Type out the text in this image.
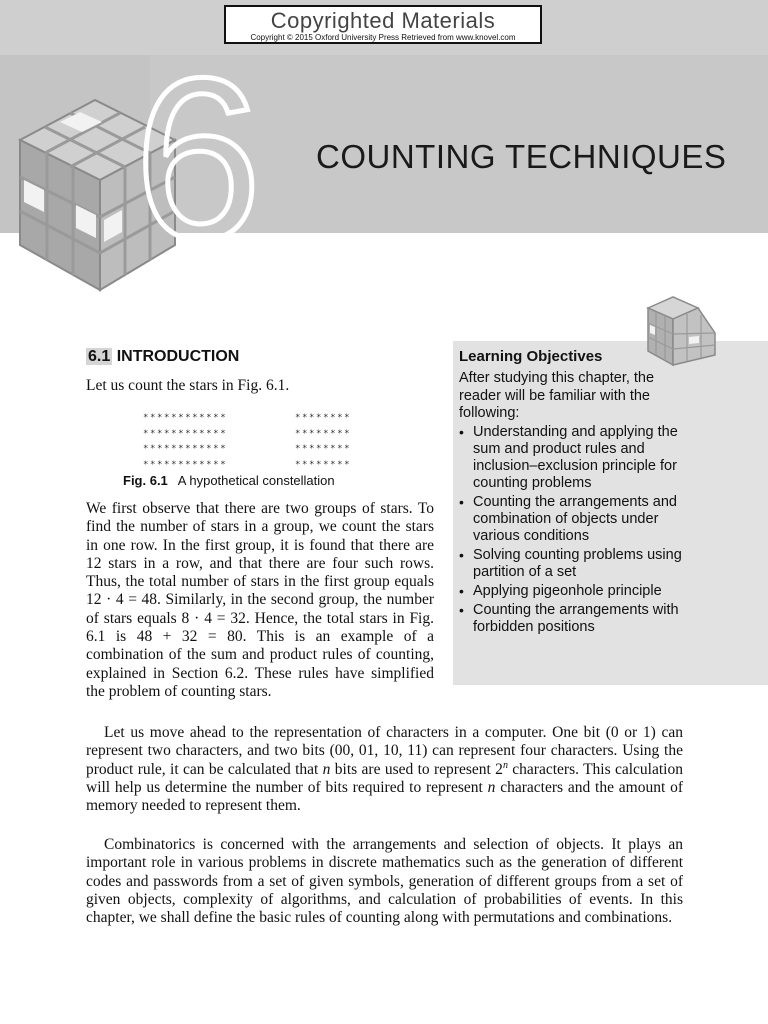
Copyrighted Materials
Copyright © 2015 Oxford University Press Retrieved from www.knovel.com
6 COUNTING TECHNIQUES
Learning Objectives
After studying this chapter, the reader will be familiar with the following:
• Understanding and applying the sum and product rules and inclusion–exclusion principle for counting problems
• Counting the arrangements and combination of objects under various conditions
• Solving counting problems using partition of a set
• Applying pigeonhole principle
• Counting the arrangements with forbidden positions
6.1 INTRODUCTION
Let us count the stars in Fig. 6.1.
************
************
************
************
********
********
********
********
Fig. 6.1 A hypothetical constellation

We first observe that there are two groups of stars. To find the number of stars in a group, we count the stars in one row. In the first group, it is found that there are 12 stars in a row, and that there are four such rows. Thus, the total number of stars in the first group equals 12 · 4 = 48. Similarly, in the second group, the number of stars equals 8 · 4 = 32. Hence, the total stars in Fig. 6.1 is 48 + 32 = 80. This is an example of a combination of the sum and product rules of counting, explained in Section 6.2. These rules have simplified the problem of counting stars.

Let us move ahead to the representation of characters in a computer. One bit (0 or 1) can represent two characters, and two bits (00, 01, 10, 11) can represent four characters. Using the product rule, it can be calculated that n bits are used to represent 2$^n$ characters. This calculation will help us determine the number of bits required to represent n characters and the amount of memory needed to represent them.

Combinatorics is concerned with the arrangements and selection of objects. It plays an important role in various problems in discrete mathematics such as the generation of different codes and passwords from a set of given symbols, generation of different groups from a set of given objects, complexity of algorithms, and calculation of probabilities of events. In this chapter, we shall define the basic rules of counting along with permutations and combinations.
